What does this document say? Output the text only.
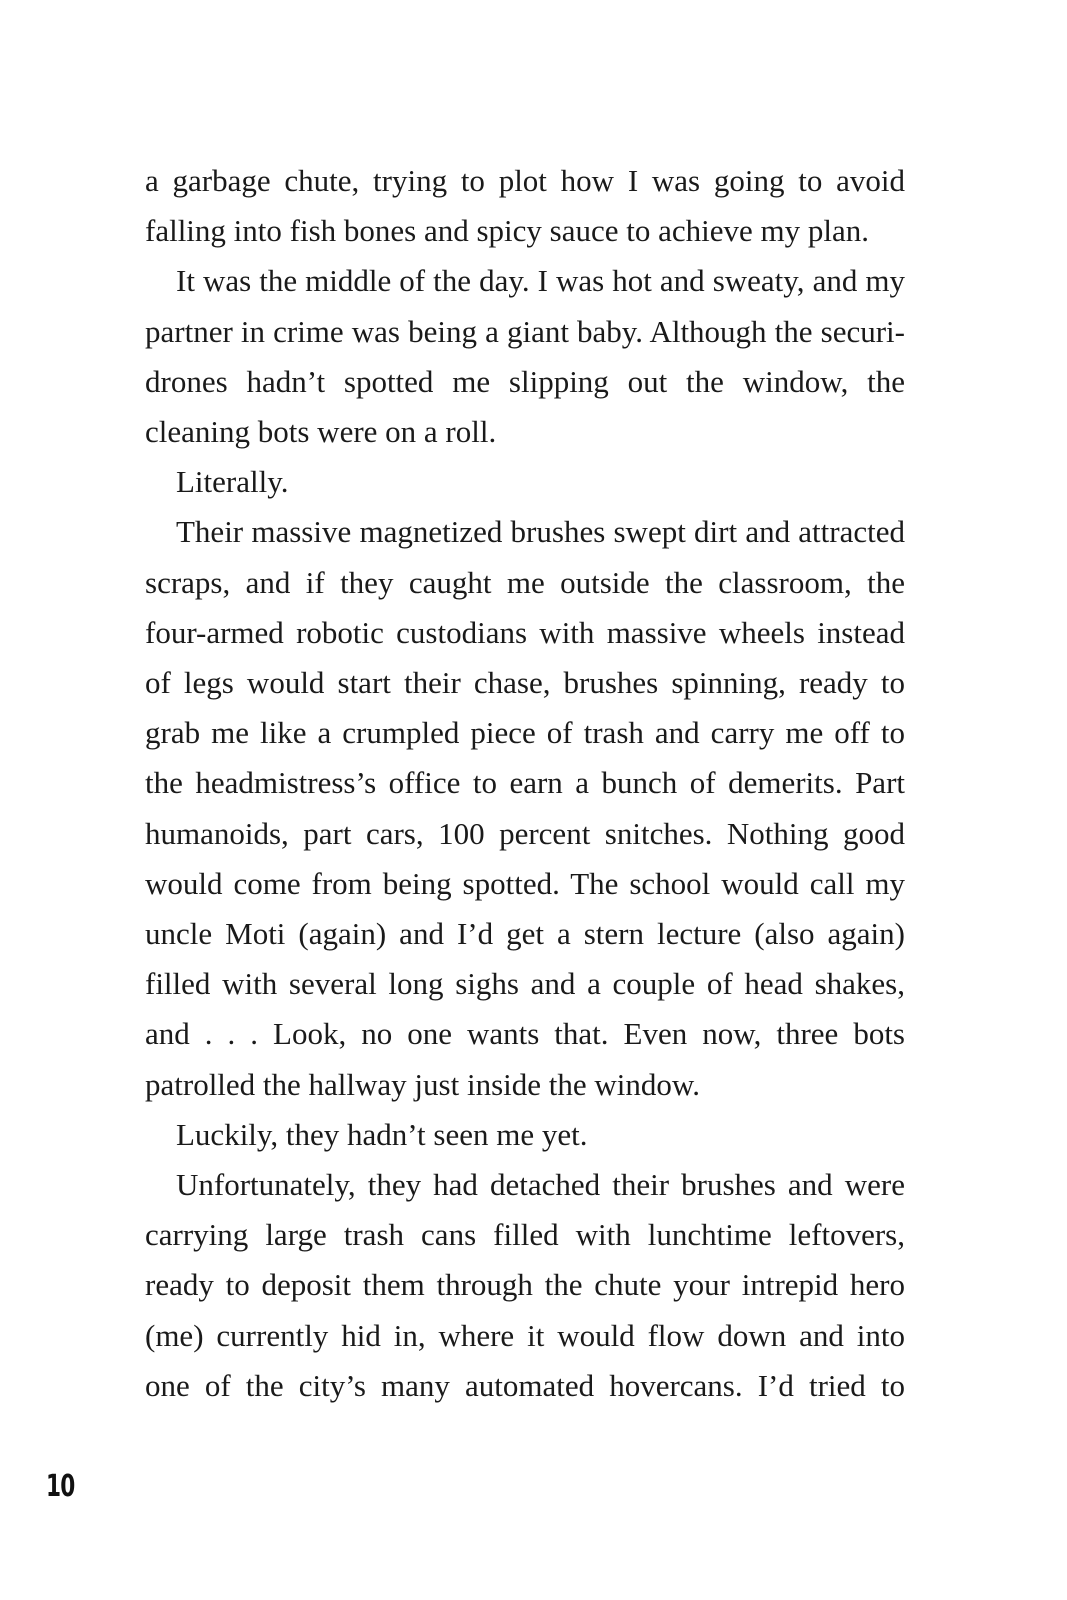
a garbage chute, trying to plot how I was going to avoid falling into fish bones and spicy sauce to achieve my plan.

It was the middle of the day. I was hot and sweaty, and my partner in crime was being a giant baby. Although the securi-drones hadn’t spotted me slipping out the window, the cleaning bots were on a roll.

Literally.

Their massive magnetized brushes swept dirt and attracted scraps, and if they caught me outside the classroom, the four-armed robotic custodians with massive wheels instead of legs would start their chase, brushes spinning, ready to grab me like a crumpled piece of trash and carry me off to the headmistress’s office to earn a bunch of demerits. Part humanoids, part cars, 100 percent snitches. Nothing good would come from being spotted. The school would call my uncle Moti (again) and I’d get a stern lecture (also again) filled with several long sighs and a couple of head shakes, and . . . Look, no one wants that. Even now, three bots patrolled the hallway just inside the window.

Luckily, they hadn’t seen me yet.

Unfortunately, they had detached their brushes and were carrying large trash cans filled with lunchtime leftovers, ready to deposit them through the chute your intrepid hero (me) currently hid in, where it would flow down and into one of the city’s many automated hovercans. I’d tried to

10
